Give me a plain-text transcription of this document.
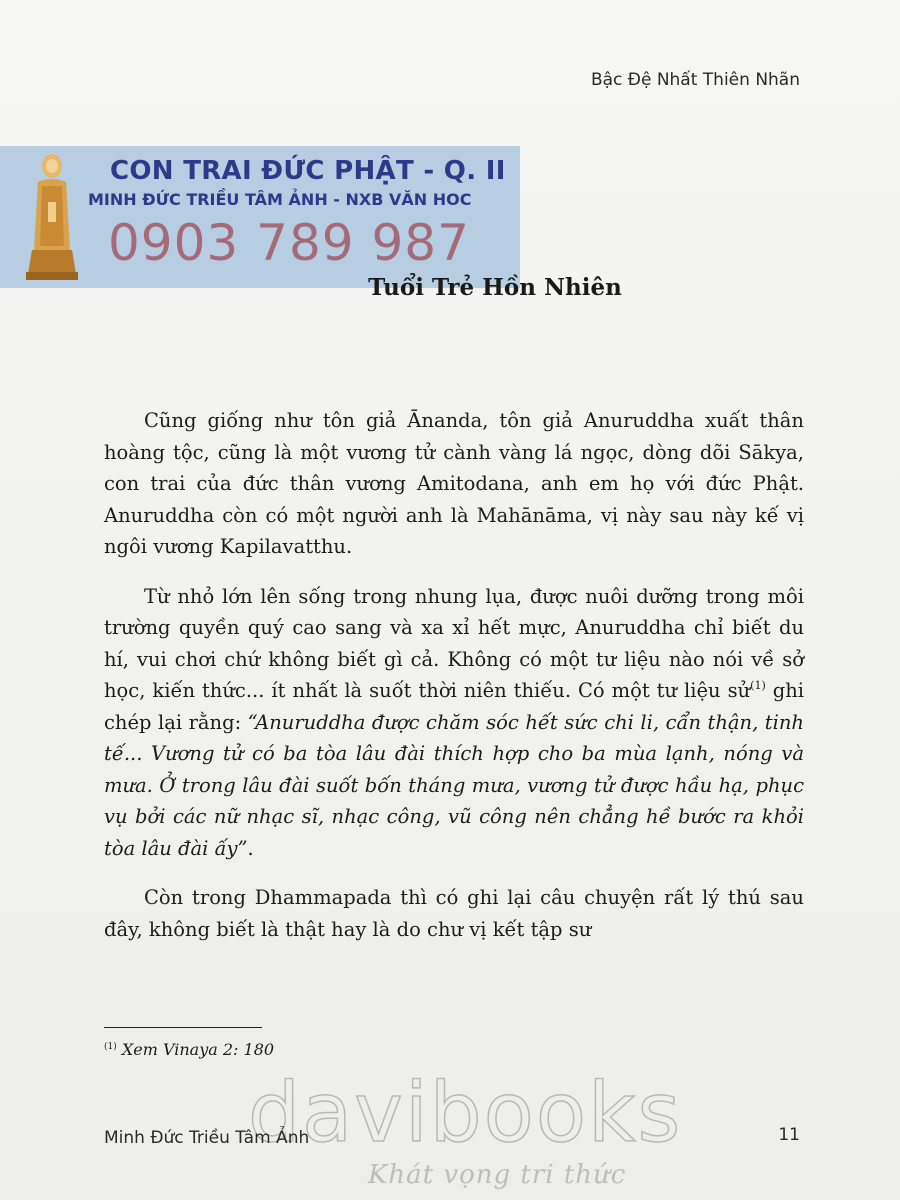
Bậc Đệ Nhất Thiên Nhãn
CON TRAI ĐỨC PHẬT - Q. II
MINH ĐỨC TRIỀU TÂM ẢNH - NXB VĂN HOC
0903 789 987
Tuổi Trẻ Hồn Nhiên

Cũng giống như tôn giả Ānanda, tôn giả Anuruddha xuất thân hoàng tộc, cũng là một vương tử cành vàng lá ngọc, dòng dõi Sākya, con trai của đức thân vương Amitodana, anh em họ với đức Phật. Anuruddha còn có một người anh là Mahānāma, vị này sau này kế vị ngôi vương Kapilavatthu.

Từ nhỏ lớn lên sống trong nhung lụa, được nuôi dưỡng trong môi trường quyền quý cao sang và xa xỉ hết mực, Anuruddha chỉ biết du hí, vui chơi chứ không biết gì cả. Không có một tư liệu nào nói về sở học, kiến thức... ít nhất là suốt thời niên thiếu. Có một tư liệu sử$^{(1)}$ ghi chép lại rằng: “Anuruddha được chăm sóc hết sức chi li, cẩn thận, tinh tế... Vương tử có ba tòa lâu đài thích hợp cho ba mùa lạnh, nóng và mưa. Ở trong lâu đài suốt bốn tháng mưa, vương tử được hầu hạ, phục vụ bởi các nữ nhạc sĩ, nhạc công, vũ công nên chẳng hề bước ra khỏi tòa lâu đài ấy”.

Còn trong Dhammapada thì có ghi lại câu chuyện rất lý thú sau đây, không biết là thật hay là do chư vị kết tập sư

$^{(1)}$ Xem Vinaya 2: 180
davibooks
Khát vọng tri thức
Minh Đức Triều Tâm Ảnh	11
